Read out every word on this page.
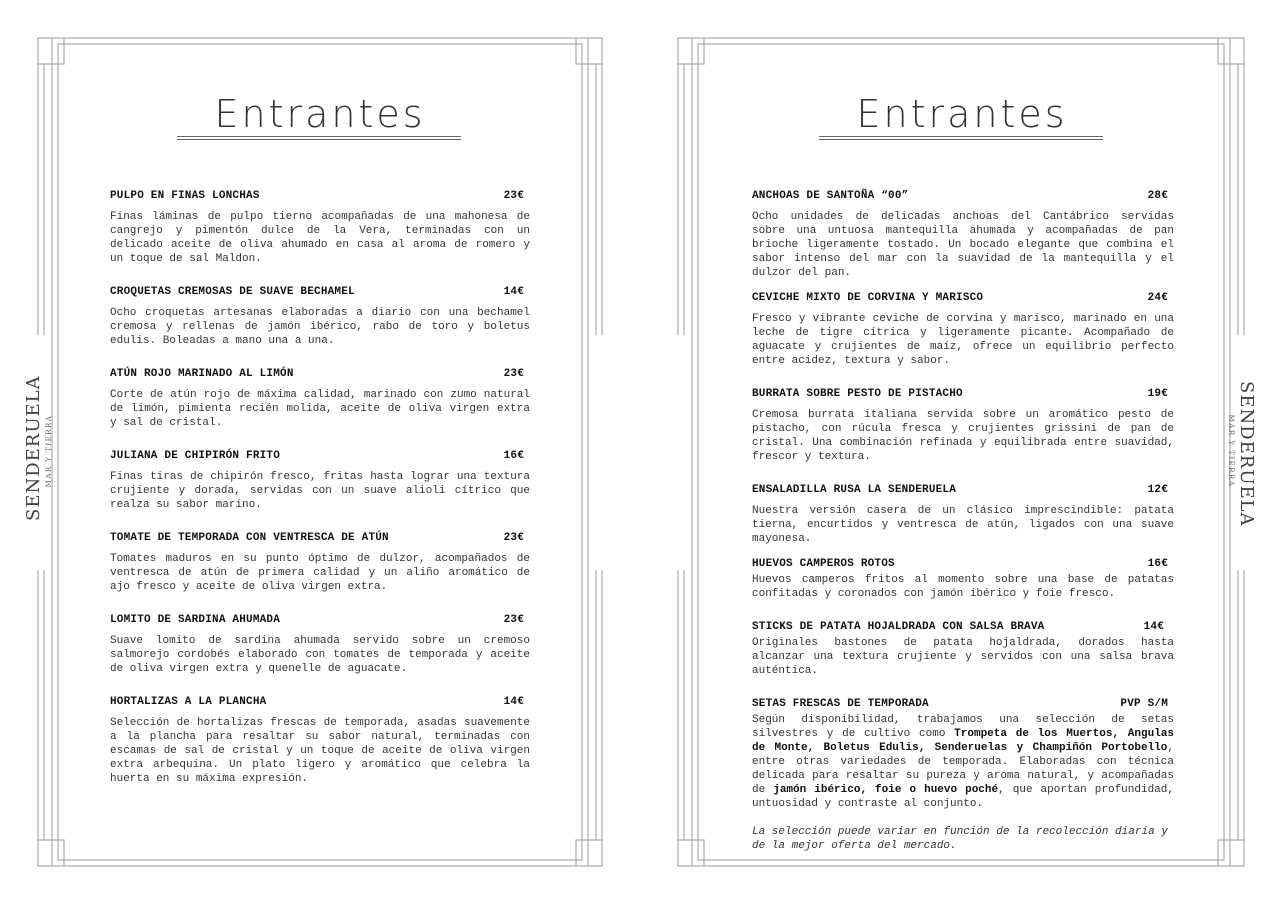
Entrantes
PULPO EN FINAS LONCHAS	23€

Finas láminas de pulpo tierno acompañadas de una mahonesa de cangrejo y pimentón dulce de la Vera, terminadas con un delicado aceite de oliva ahumado en casa al aroma de romero y un toque de sal Maldon.

CROQUETAS CREMOSAS DE SUAVE BECHAMEL	14€

Ocho croquetas artesanas elaboradas a diario con una bechamel cremosa y rellenas de jamón ibérico, rabo de toro y boletus edulis. Boleadas a mano una a una.

ATÚN ROJO MARINADO AL LIMÓN	23€

Corte de atún rojo de máxima calidad, marinado con zumo natural de limón, pimienta recién molida, aceite de oliva virgen extra y sal de cristal.

JULIANA DE CHIPIRÓN FRITO	16€

Finas tiras de chipirón fresco, fritas hasta lograr una textura crujiente y dorada, servidas con un suave alioli cítrico que realza su sabor marino.

TOMATE DE TEMPORADA CON VENTRESCA DE ATÚN	23€

Tomates maduros en su punto óptimo de dulzor, acompañados de ventresca de atún de primera calidad y un aliño aromático de ajo fresco y aceite de oliva virgen extra.

LOMITO DE SARDINA AHUMADA	23€

Suave lomito de sardina ahumada servido sobre un cremoso salmorejo cordobés elaborado con tomates de temporada y aceite de oliva virgen extra y quenelle de aguacate.

HORTALIZAS A LA PLANCHA	14€

Selección de hortalizas frescas de temporada, asadas suavemente a la plancha para resaltar su sabor natural, terminadas con escamas de sal de cristal y un toque de aceite de oliva virgen extra arbequina. Un plato ligero y aromático que celebra la huerta en su máxima expresión.

SENDERUELA MAR Y TIERRA
Entrantes
ANCHOAS DE SANTOÑA “00”	28€

Ocho unidades de delicadas anchoas del Cantábrico servidas sobre una untuosa mantequilla ahumada y acompañadas de pan brioche ligeramente tostado. Un bocado elegante que combina el sabor intenso del mar con la suavidad de la mantequilla y el dulzor del pan.

CEVICHE MIXTO DE CORVINA Y MARISCO	24€

Fresco y vibrante ceviche de corvina y marisco, marinado en una leche de tigre cítrica y ligeramente picante. Acompañado de aguacate y crujientes de maíz, ofrece un equilibrio perfecto entre acidez, textura y sabor.

BURRATA SOBRE PESTO DE PISTACHO	19€

Cremosa burrata italiana servida sobre un aromático pesto de pistacho, con rúcula fresca y crujientes grissini de pan de cristal. Una combinación refinada y equilibrada entre suavidad, frescor y textura.

ENSALADILLA RUSA LA SENDERUELA	12€

Nuestra versión casera de un clásico imprescindible: patata tierna, encurtidos y ventresca de atún, ligados con una suave mayonesa.

HUEVOS CAMPEROS ROTOS	16€

Huevos camperos fritos al momento sobre una base de patatas confitadas y coronados con jamón ibérico y foie fresco.

STICKS DE PATATA HOJALDRADA CON SALSA BRAVA	14€

Originales bastones de patata hojaldrada, dorados hasta alcanzar una textura crujiente y servidos con una salsa brava auténtica.

SETAS FRESCAS DE TEMPORADA	PVP S/M

Según disponibilidad, trabajamos una selección de setas silvestres y de cultivo como Trompeta de los Muertos, Angulas de Monte, Boletus Edulis, Senderuelas y Champiñón Portobello, entre otras variedades de temporada. Elaboradas con técnica delicada para resaltar su pureza y aroma natural, y acompañadas de jamón ibérico, foie o huevo poché, que aportan profundidad, untuosidad y contraste al conjunto.

La selección puede variar en función de la recolección diaria y de la mejor oferta del mercado.

SENDERUELA
MAR Y TIERRA
